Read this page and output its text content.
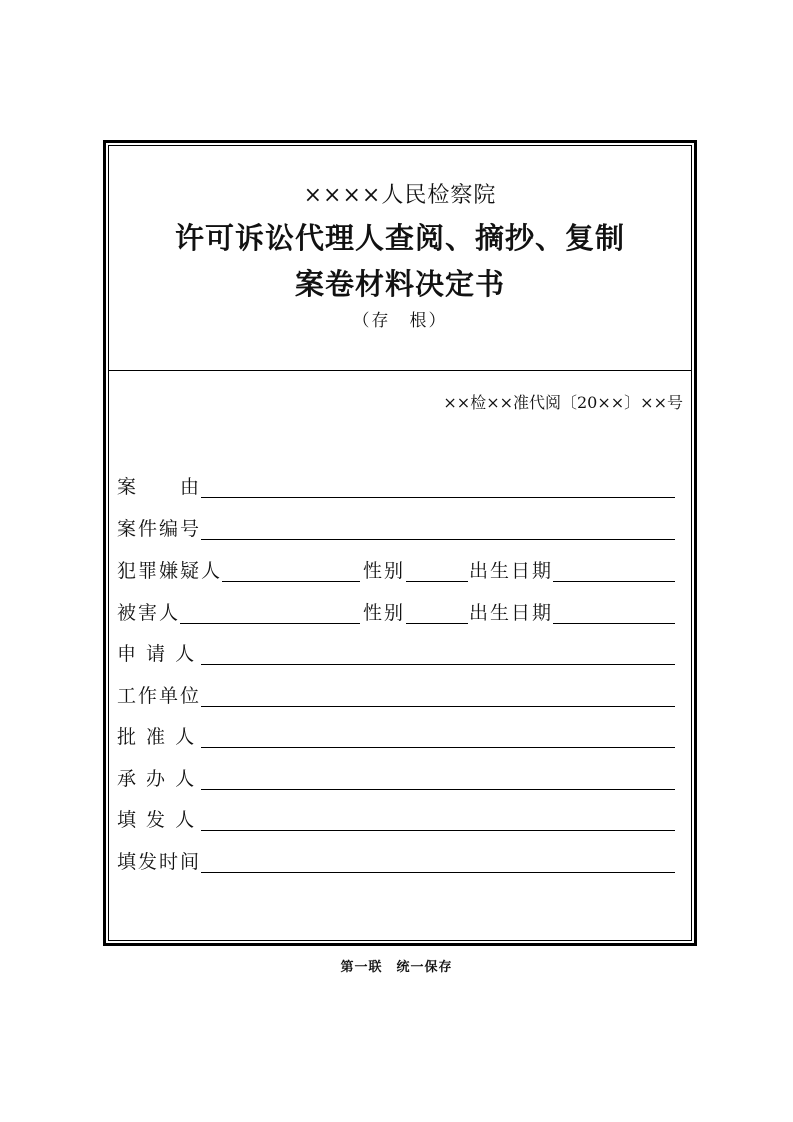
××××人民检察院
许可诉讼代理人查阅、摘抄、复制
案卷材料决定书
（存　根）
××检××准代阅〔20××〕××号
案　　由
案件编号
犯罪嫌疑人	性别	出生日期
被害人	性别	出生日期
申 请 人
工作单位
批 准 人
承 办 人
填 发 人
填发时间
第一联　统一保存
